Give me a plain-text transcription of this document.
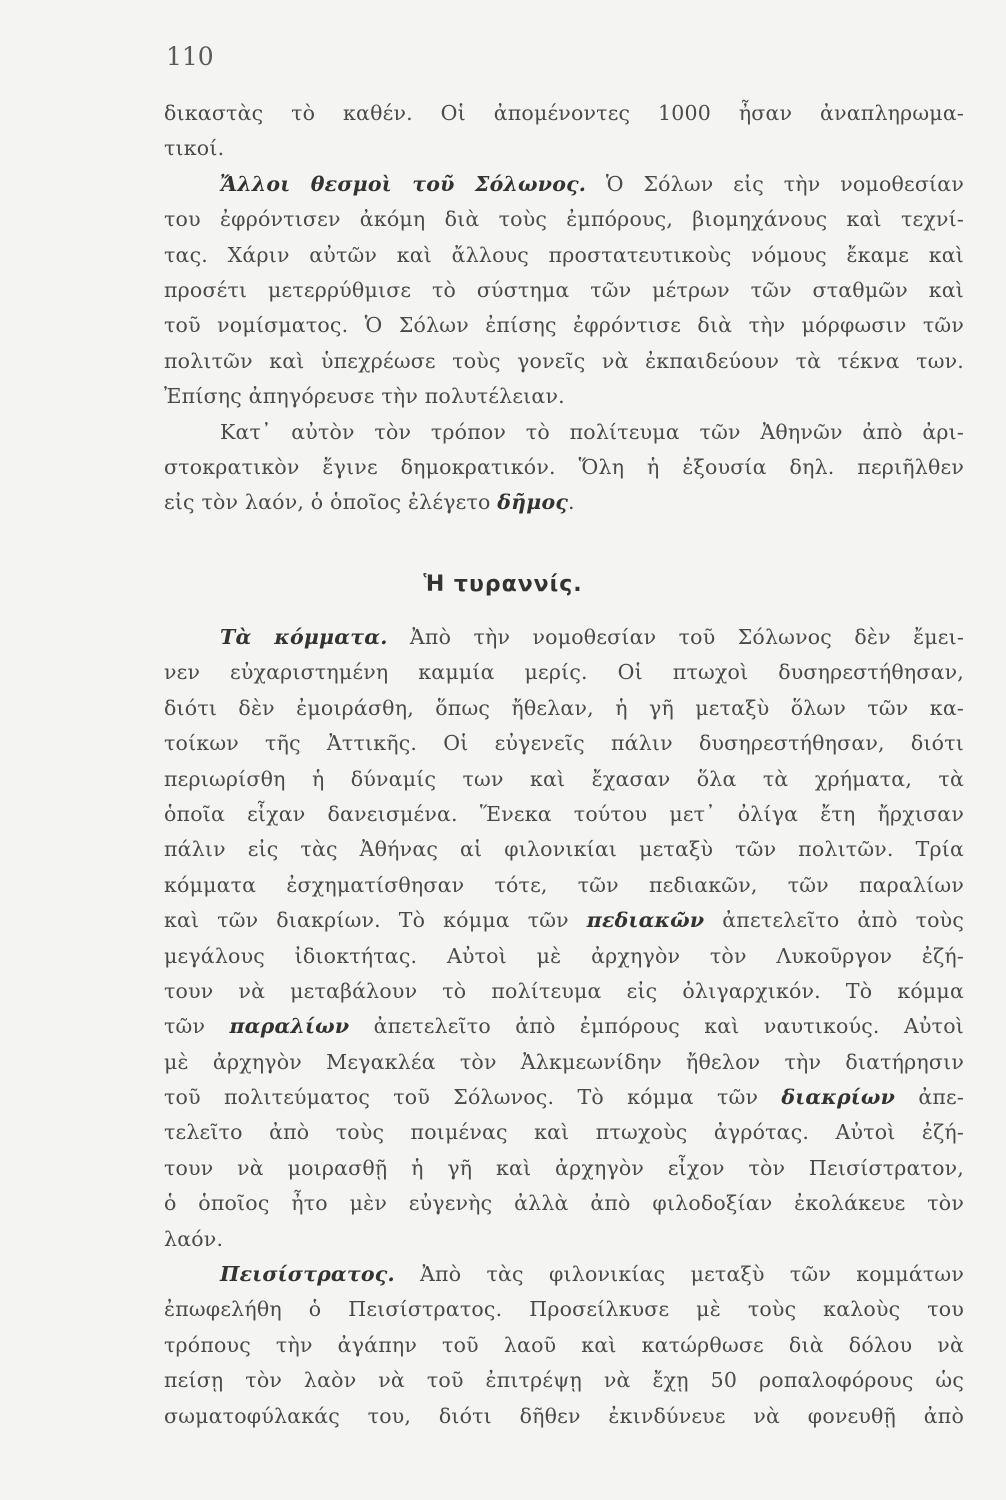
110
δικαστὰς τὸ καθέν. Οἱ ἀπομένοντες 1000 ἦσαν ἀναπληρωμα-
τικοί.
Ἄλλοι θεσμοὶ τοῦ Σόλωνος. Ὁ Σόλων εἰς τὴν νομοθεσίαν
του ἐφρόντισεν ἀκόμη διὰ τοὺς ἐμπόρους, βιομηχάνους καὶ τεχνί-
τας. Χάριν αὐτῶν καὶ ἄλλους προστατευτικοὺς νόμους ἔκαμε καὶ
προσέτι μετερρύθμισε τὸ σύστημα τῶν μέτρων τῶν σταθμῶν καὶ
τοῦ νομίσματος. Ὁ Σόλων ἐπίσης ἐφρόντισε διὰ τὴν μόρφωσιν τῶν
πολιτῶν καὶ ὑπεχρέωσε τοὺς γονεῖς νὰ ἐκπαιδεύουν τὰ τέκνα των.
Ἐπίσης ἀπηγόρευσε τὴν πολυτέλειαν.
Κατ᾿ αὐτὸν τὸν τρόπον τὸ πολίτευμα τῶν Ἀθηνῶν ἀπὸ ἀρι-
στοκρατικὸν ἔγινε δημοκρατικόν. Ὅλη ἡ ἐξουσία δηλ. περιῆλθεν
εἰς τὸν λαόν, ὁ ὁποῖος ἐλέγετο δῆμος.
Ἡ τυραννίς.
Τὰ κόμματα. Ἀπὸ τὴν νομοθεσίαν τοῦ Σόλωνος δὲν ἔμει-
νεν εὐχαριστημένη καμμία μερίς. Οἱ πτωχοὶ δυσηρεστήθησαν,
διότι δὲν ἐμοιράσθη, ὅπως ἤθελαν, ἡ γῆ μεταξὺ ὅλων τῶν κα-
τοίκων τῆς Ἀττικῆς. Οἱ εὐγενεῖς πάλιν δυσηρεστήθησαν, διότι
περιωρίσθη ἡ δύναμίς των καὶ ἔχασαν ὅλα τὰ χρήματα, τὰ
ὁποῖα εἶχαν δανεισμένα. Ἕνεκα τούτου μετ᾿ ὀλίγα ἔτη ἤρχισαν
πάλιν εἰς τὰς Ἀθήνας αἱ φιλονικίαι μεταξὺ τῶν πολιτῶν. Τρία
κόμματα ἐσχηματίσθησαν τότε, τῶν πεδιακῶν, τῶν παραλίων
καὶ τῶν διακρίων. Τὸ κόμμα τῶν πεδιακῶν ἀπετελεῖτο ἀπὸ τοὺς
μεγάλους ἰδιοκτήτας. Αὐτοὶ μὲ ἀρχηγὸν τὸν Λυκοῦργον ἐζή-
τουν νὰ μεταβάλουν τὸ πολίτευμα εἰς ὀλιγαρχικόν. Τὸ κόμμα
τῶν παραλίων ἀπετελεῖτο ἀπὸ ἐμπόρους καὶ ναυτικούς. Αὐτοὶ
μὲ ἀρχηγὸν Μεγακλέα τὸν Ἀλκμεωνίδην ἤθελον τὴν διατήρησιν
τοῦ πολιτεύματος τοῦ Σόλωνος. Τὸ κόμμα τῶν διακρίων ἀπε-
τελεῖτο ἀπὸ τοὺς ποιμένας καὶ πτωχοὺς ἀγρότας. Αὐτοὶ ἐζή-
τουν νὰ μοιρασθῇ ἡ γῆ καὶ ἀρχηγὸν εἶχον τὸν Πεισίστρατον,
ὁ ὁποῖος ἦτο μὲν εὐγενὴς ἀλλὰ ἀπὸ φιλοδοξίαν ἐκολάκευε τὸν
λαόν.
Πεισίστρατος. Ἀπὸ τὰς φιλονικίας μεταξὺ τῶν κομμάτων
ἐπωφελήθη ὁ Πεισίστρατος. Προσείλκυσε μὲ τοὺς καλοὺς του
τρόπους τὴν ἀγάπην τοῦ λαοῦ καὶ κατώρθωσε διὰ δόλου νὰ
πείσῃ τὸν λαὸν νὰ τοῦ ἐπιτρέψῃ νὰ ἔχῃ 50 ροπαλοφόρους ὡς
σωματοφύλακάς του, διότι δῆθεν ἐκινδύνευε νὰ φονευθῇ ἀπὸ
